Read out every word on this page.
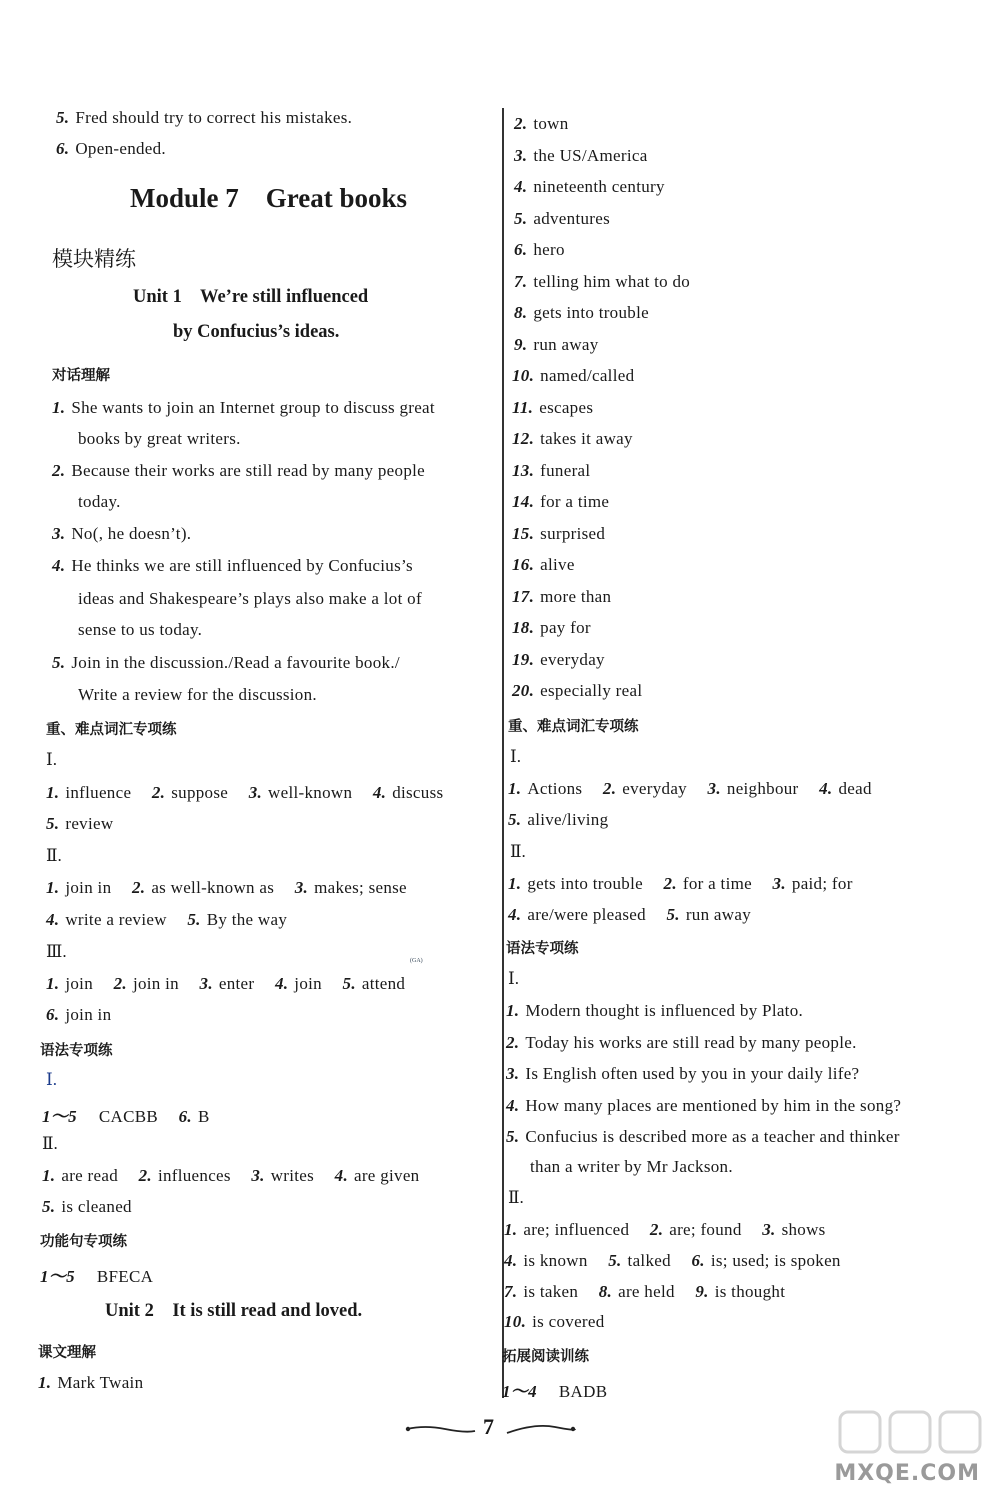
5. Fred should try to correct his mistakes.
6. Open-ended.
Module 7    Great books
模块精练
Unit 1    We’re still influenced
by Confucius’s ideas.
对话理解
1. She wants to join an Internet group to discuss great
books by great writers.
2. Because their works are still read by many people
today.
3. No(, he doesn’t).
4. He thinks we are still influenced by Confucius’s
ideas and Shakespeare’s plays also make a lot of
sense to us today.
5. Join in the discussion./Read a favourite book./
Write a review for the discussion.
重、难点词汇专项练
Ⅰ.
1. influence 2. suppose 3. well-known 4. discuss
5. review
Ⅱ.
1. join in 2. as well-known as 3. makes; sense
4. write a review 5. By the way
Ⅲ.	(GA)
1. join 2. join in 3. enter 4. join 5. attend
6. join in
语法专项练
Ⅰ.
1～5 CACBB 6. B
Ⅱ.
1. are read 2. influences 3. writes 4. are given
5. is cleaned
功能句专项练
1～5 BFECA
Unit 2    It is still read and loved.
课文理解
1. Mark Twain
2. town
3. the US/America
4. nineteenth century
5. adventures
6. hero
7. telling him what to do
8. gets into trouble
9. run away
10. named/called
11. escapes
12. takes it away
13. funeral
14. for a time
15. surprised
16. alive
17. more than
18. pay for
19. everyday
20. especially real
重、难点词汇专项练
Ⅰ.
1. Actions 2. everyday 3. neighbour 4. dead
5. alive/living
Ⅱ.
1. gets into trouble 2. for a time 3. paid; for
4. are/were pleased 5. run away
语法专项练
Ⅰ.
1. Modern thought is influenced by Plato.
2. Today his works are still read by many people.
3. Is English often used by you in your daily life?
4. How many places are mentioned by him in the song?
5. Confucius is described more as a teacher and thinker
than a writer by Mr Jackson.
Ⅱ.
1. are; influenced 2. are; found 3. shows
4. is known 5. talked 6. is; used; is spoken
7. is taken 8. are held 9. is thought
10. is covered
拓展阅读训练
1～4 BADB
7
MXQE.COM
